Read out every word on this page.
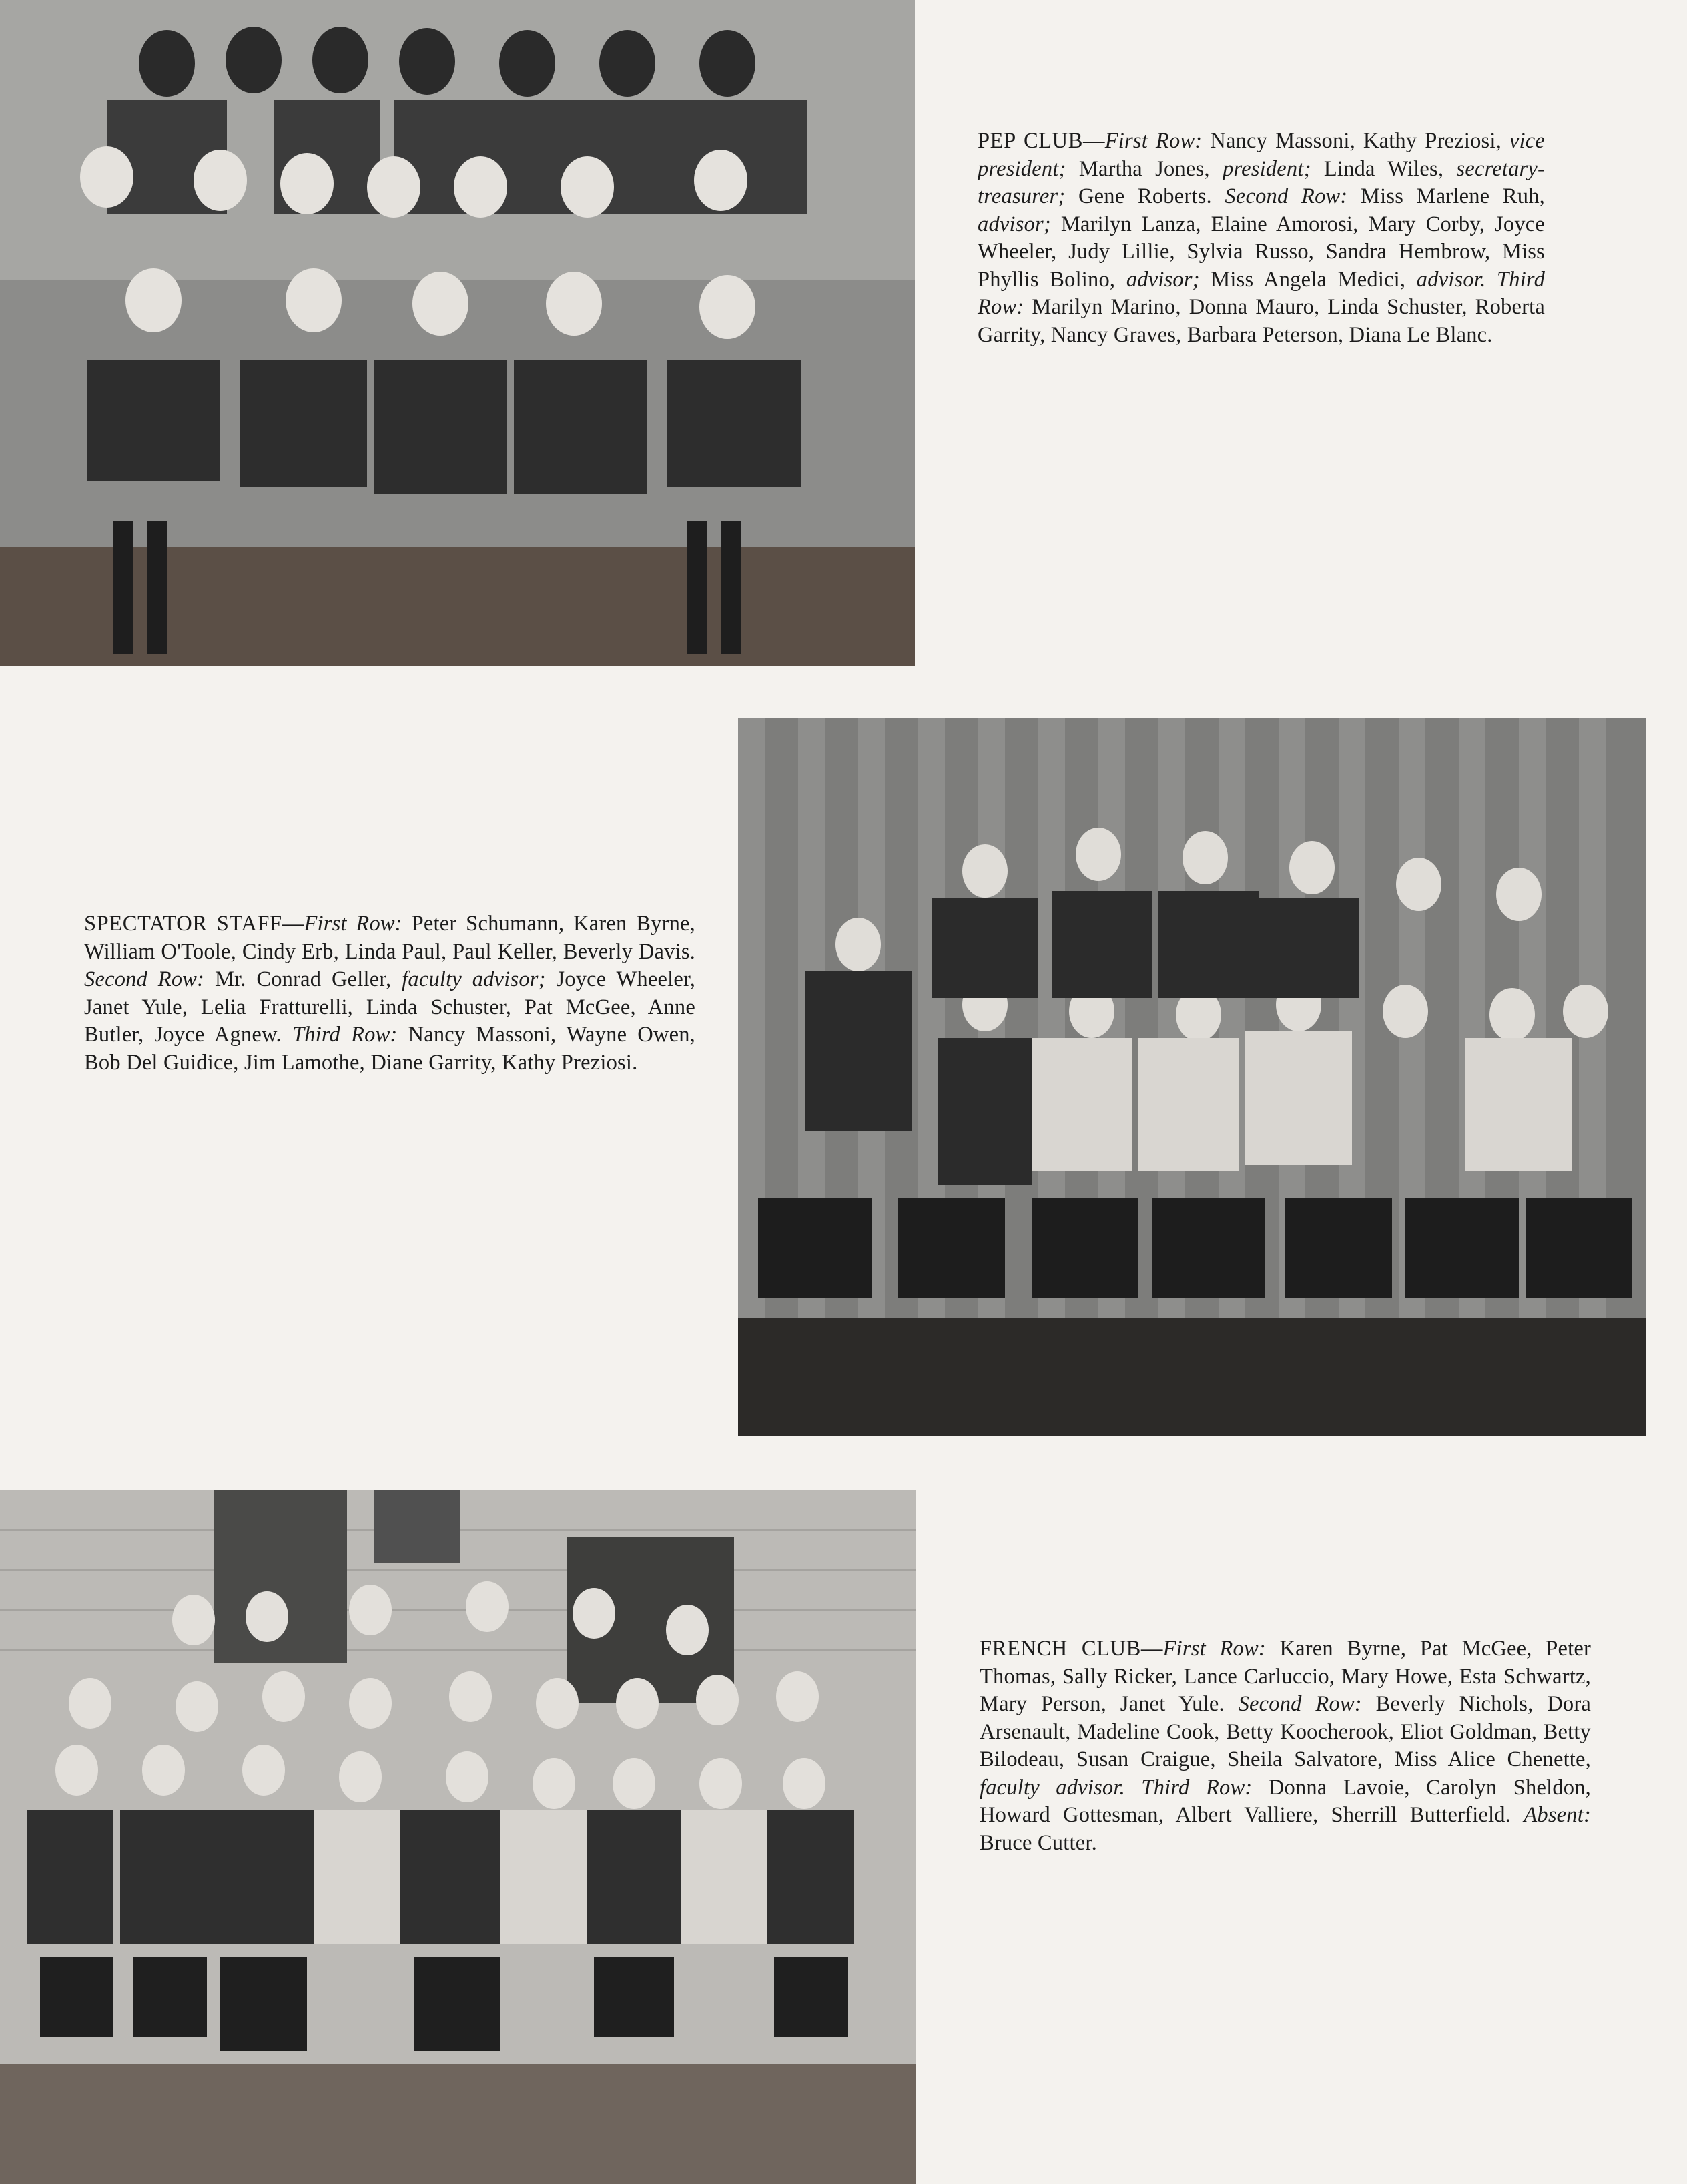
PEP CLUB—First Row: Nancy Massoni, Kathy Preziosi, vice president; Martha Jones, president; Linda Wiles, secretary-treasurer; Gene Roberts. Second Row: Miss Marlene Ruh, advisor; Marilyn Lanza, Elaine Amorosi, Mary Corby, Joyce Wheeler, Judy Lillie, Sylvia Russo, Sandra Hembrow, Miss Phyllis Bolino, advisor; Miss Angela Medici, advisor. Third Row: Marilyn Marino, Donna Mauro, Linda Schuster, Roberta Garrity, Nancy Graves, Barbara Peterson, Diana Le Blanc.

SPECTATOR STAFF—First Row: Peter Schumann, Karen Byrne, William O'Toole, Cindy Erb, Linda Paul, Paul Keller, Beverly Davis. Second Row: Mr. Conrad Geller, faculty advisor; Joyce Wheeler, Janet Yule, Lelia Fratturelli, Linda Schuster, Pat McGee, Anne Butler, Joyce Agnew. Third Row: Nancy Massoni, Wayne Owen, Bob Del Guidice, Jim Lamothe, Diane Garrity, Kathy Preziosi.

FRENCH CLUB—First Row: Karen Byrne, Pat McGee, Peter Thomas, Sally Ricker, Lance Carluccio, Mary Howe, Esta Schwartz, Mary Person, Janet Yule. Second Row: Beverly Nichols, Dora Arsenault, Madeline Cook, Betty Koocherook, Eliot Goldman, Betty Bilodeau, Susan Craigue, Sheila Salvatore, Miss Alice Chenette, faculty advisor. Third Row: Donna Lavoie, Carolyn Sheldon, Howard Gottesman, Albert Valliere, Sherrill Butterfield. Absent: Bruce Cutter.
